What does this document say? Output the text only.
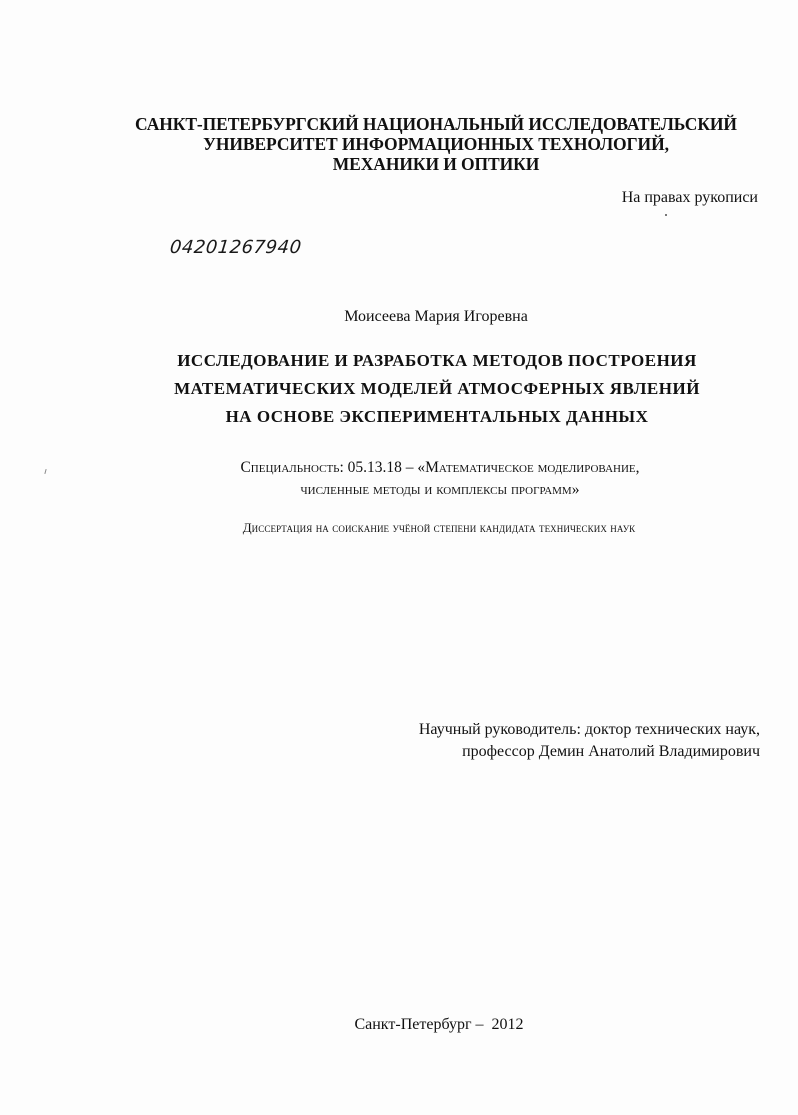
САНКТ-ПЕТЕРБУРГСКИЙ НАЦИОНАЛЬНЫЙ ИССЛЕДОВАТЕЛЬСКИЙ
УНИВЕРСИТЕТ ИНФОРМАЦИОННЫХ ТЕХНОЛОГИЙ,
МЕХАНИКИ И ОПТИКИ
На правах рукописи
04201267940
Моисеева Мария Игоревна
ИССЛЕДОВАНИЕ И РАЗРАБОТКА МЕТОДОВ ПОСТРОЕНИЯ
МАТЕМАТИЧЕСКИХ МОДЕЛЕЙ АТМОСФЕРНЫХ ЯВЛЕНИЙ
НА ОСНОВЕ ЭКСПЕРИМЕНТАЛЬНЫХ ДАННЫХ
Специальность: 05.13.18 – «Математическое моделирование,
численные методы и комплексы программ»
Диссертация на соискание учёной степени кандидата технических наук
Научный руководитель: доктор технических наук,
профессор Демин Анатолий Владимирович
Санкт-Петербург –  2012
